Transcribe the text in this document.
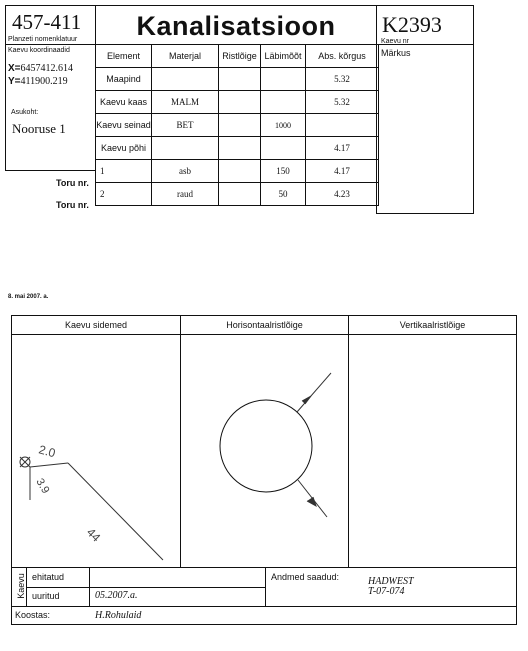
457-411
Planzeti nomenklatuur	Kanalisatsioon	K2393
Kaevu nr
Kaevu koordinaadid
X=6457412.614
Y=411900.219
Asukoht:
Nooruse 1
Märkus
Element	Materjal	Ristlõige	Läbimõõt	Abs. kõrgus
Maapind				5.32
Kaevu kaas	MALM			5.32
Kaevu seinad	BET		1000	
Kaevu põhi				4.17
1	asb		150	4.17
2	raud		50	4.23
Toru nr.
Toru nr.
8. mai 2007. a.
Kaevu sidemed	Horisontaalristlõige	Vertikaalristlõige
2.0
3.9
44
Kaevu ehitatud
uuritud	05.2007.a.
Andmed saadud:	HADWEST
T-07-074
Koostas:	H.Rohulaid
